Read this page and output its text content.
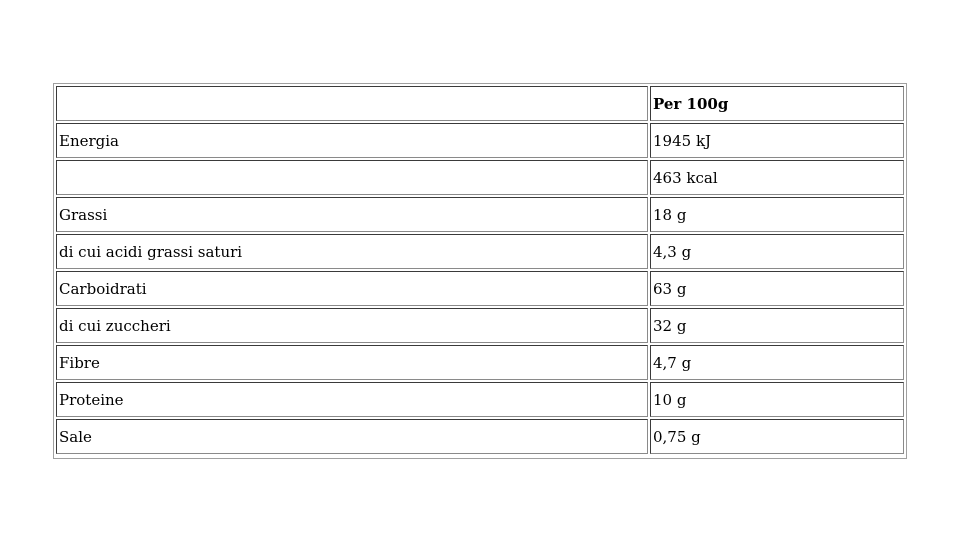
	Per 100g
Energia	1945 kJ
	463 kcal
Grassi	18 g
di cui acidi grassi saturi	4,3 g
Carboidrati	63 g
di cui zuccheri	32 g
Fibre	4,7 g
Proteine	10 g
Sale	0,75 g
